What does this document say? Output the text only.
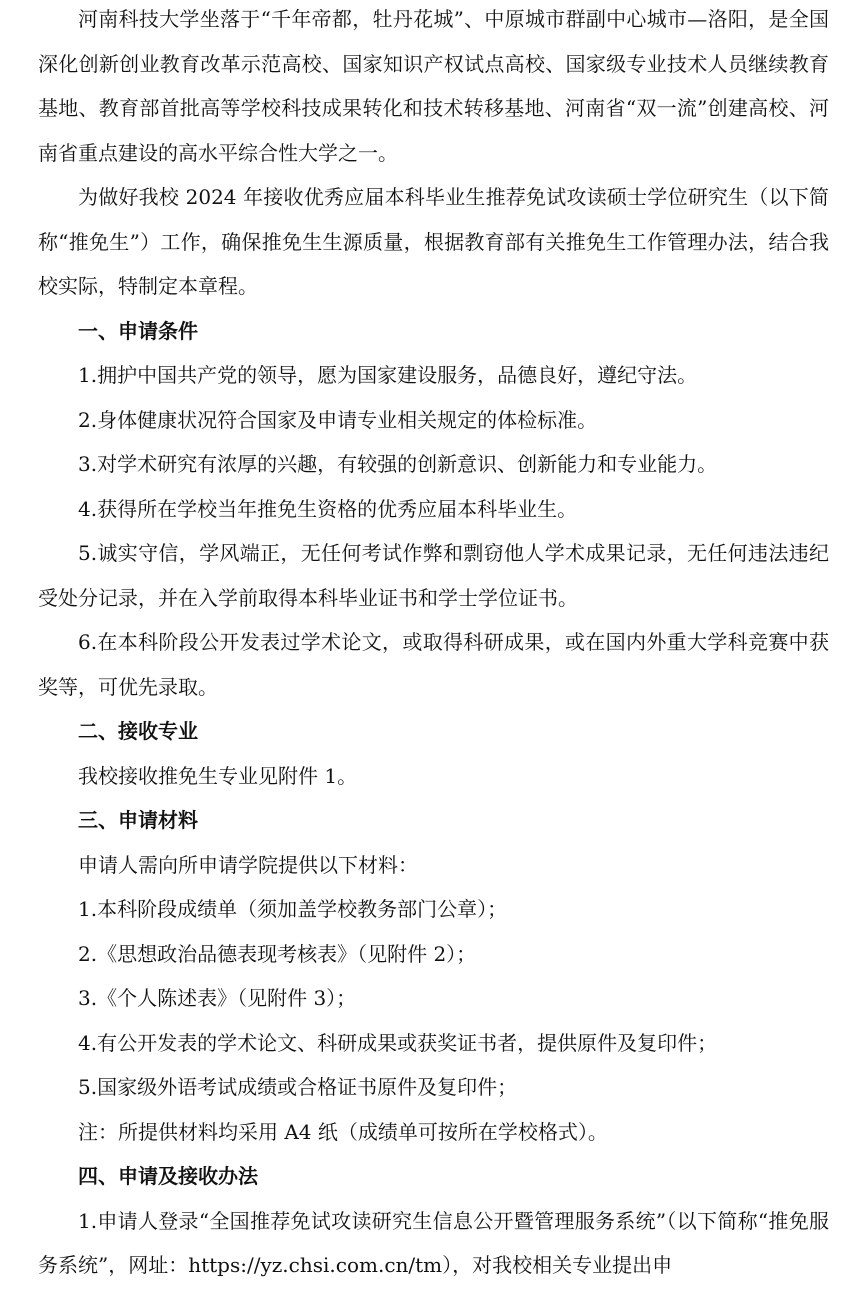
河南科技大学坐落于“千年帝都，牡丹花城”、中原城市群副中心城市—洛阳，是全国深化创新创业教育改革示范高校、国家知识产权试点高校、国家级专业技术人员继续教育基地、教育部首批高等学校科技成果转化和技术转移基地、河南省“双一流”创建高校、河南省重点建设的高水平综合性大学之一。

为做好我校 2024 年接收优秀应届本科毕业生推荐免试攻读硕士学位研究生（以下简称“推免生”）工作，确保推免生生源质量，根据教育部有关推免生工作管理办法，结合我校实际，特制定本章程。

一、申请条件

1.拥护中国共产党的领导，愿为国家建设服务，品德良好，遵纪守法。

2.身体健康状况符合国家及申请专业相关规定的体检标准。

3.对学术研究有浓厚的兴趣，有较强的创新意识、创新能力和专业能力。

4.获得所在学校当年推免生资格的优秀应届本科毕业生。

5.诚实守信，学风端正，无任何考试作弊和剽窃他人学术成果记录，无任何违法违纪受处分记录，并在入学前取得本科毕业证书和学士学位证书。

6.在本科阶段公开发表过学术论文，或取得科研成果，或在国内外重大学科竞赛中获奖等，可优先录取。

二、接收专业

我校接收推免生专业见附件 1。

三、申请材料

申请人需向所申请学院提供以下材料：

1.本科阶段成绩单（须加盖学校教务部门公章）；

2.《思想政治品德表现考核表》（见附件 2）；

3.《个人陈述表》（见附件 3）；

4.有公开发表的学术论文、科研成果或获奖证书者，提供原件及复印件；

5.国家级外语考试成绩或合格证书原件及复印件；

注：所提供材料均采用 A4 纸（成绩单可按所在学校格式）。

四、申请及接收办法

1.申请人登录“全国推荐免试攻读研究生信息公开暨管理服务系统”（以下简称“推免服务系统”，网址：https://yz.chsi.com.cn/tm），对我校相关专业提出申
